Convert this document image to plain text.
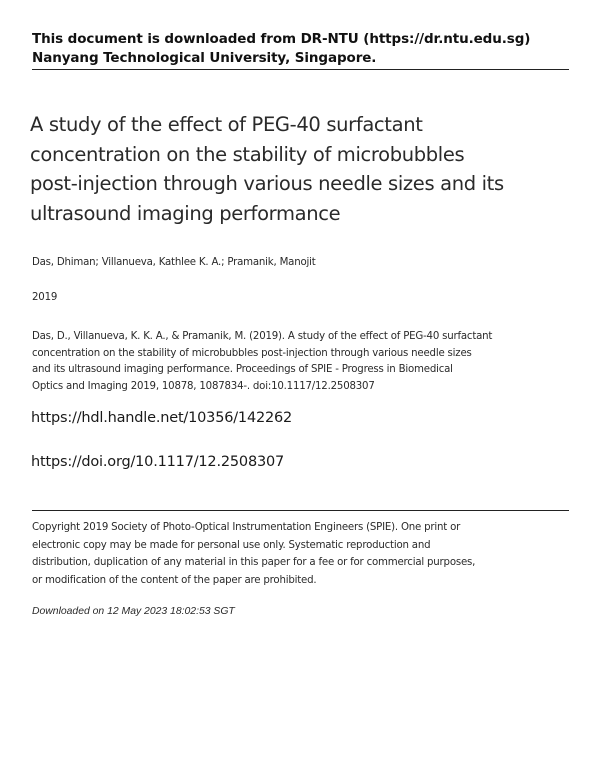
This document is downloaded from DR‑NTU (https://dr.ntu.edu.sg)
Nanyang Technological University, Singapore.
A study of the effect of PEG-40 surfactant
concentration on the stability of microbubbles
post-injection through various needle sizes and its
ultrasound imaging performance
Das, Dhiman; Villanueva, Kathlee K. A.; Pramanik, Manojit
2019
Das, D., Villanueva, K. K. A., & Pramanik, M. (2019). A study of the effect of PEG-40 surfactant
concentration on the stability of microbubbles post-injection through various needle sizes
and its ultrasound imaging performance. Proceedings of SPIE - Progress in Biomedical
Optics and Imaging 2019, 10878, 1087834-. doi:10.1117/12.2508307
https://hdl.handle.net/10356/142262
https://doi.org/10.1117/12.2508307
Copyright 2019 Society of Photo-Optical Instrumentation Engineers (SPIE). One print or
electronic copy may be made for personal use only. Systematic reproduction and
distribution, duplication of any material in this paper for a fee or for commercial purposes,
or modification of the content of the paper are prohibited.
Downloaded on 12 May 2023 18:02:53 SGT
